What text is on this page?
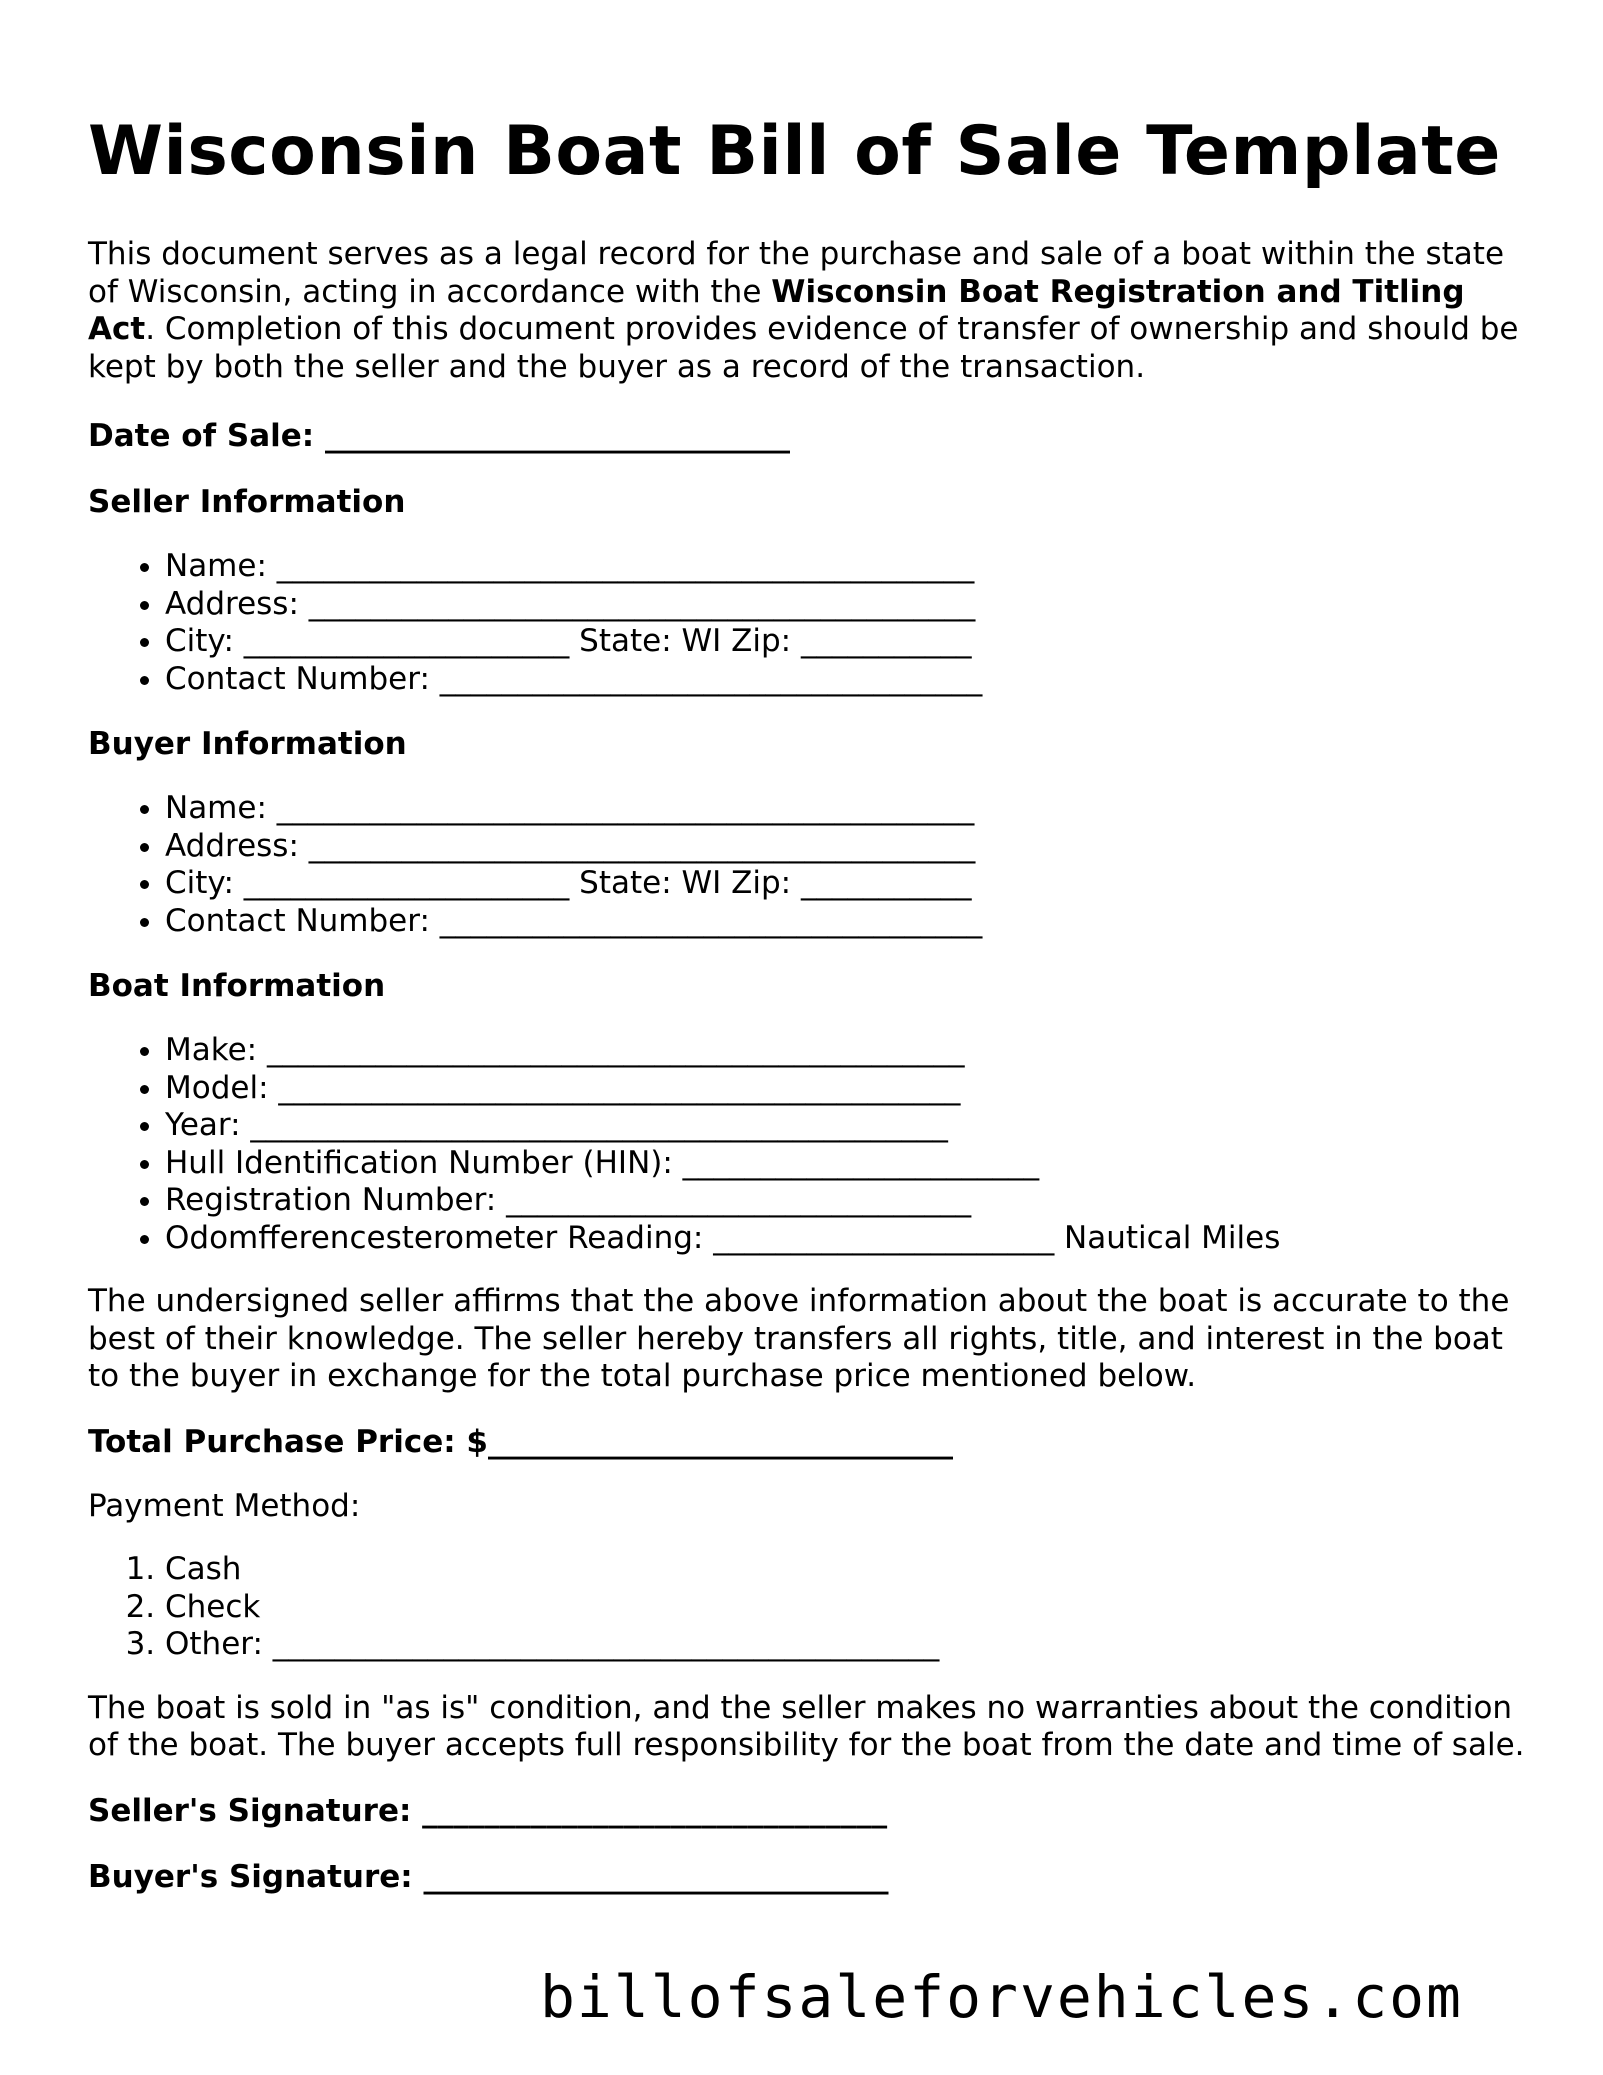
Wisconsin Boat Bill of Sale Template

This document serves as a legal record for the purchase and sale of a boat within the state of Wisconsin, acting in accordance with the Wisconsin Boat Registration and Titling Act. Completion of this document provides evidence of transfer of ownership and should be kept by both the seller and the buyer as a record of the transaction.

Date of Sale: ______________________________

Seller Information

• Name: _____________________________________________
• Address: ___________________________________________
• City: _____________________ State: WI Zip: ___________
• Contact Number: ___________________________________

Buyer Information

• Name: _____________________________________________
• Address: ___________________________________________
• City: _____________________ State: WI Zip: ___________
• Contact Number: ___________________________________

Boat Information

• Make: _____________________________________________
• Model: ____________________________________________
• Year: _____________________________________________
• Hull Identification Number (HIN): _______________________
• Registration Number: ______________________________
• Odomfferencesterometer Reading: ______________________ Nautical Miles

The undersigned seller affirms that the above information about the boat is accurate to the best of their knowledge. The seller hereby transfers all rights, title, and interest in the boat to the buyer in exchange for the total purchase price mentioned below.

Total Purchase Price: $______________________________

Payment Method:

1. Cash
2. Check
3. Other: ___________________________________________

The boat is sold in "as is" condition, and the seller makes no warranties about the condition of the boat. The buyer accepts full responsibility for the boat from the date and time of sale.

Seller's Signature: ______________________________

Buyer's Signature: ______________________________

billofsaleforvehicles.com
